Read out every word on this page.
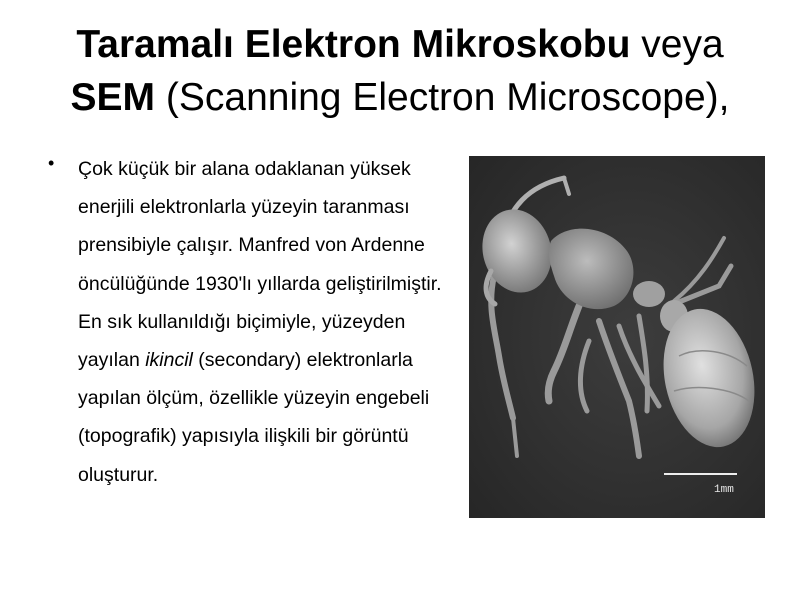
Taramalı Elektron Mikroskobu veya
SEM (Scanning Electron Microscope),
• Çok küçük bir alana odaklanan yüksek enerjili elektronlarla yüzeyin taranması prensibiyle çalışır. Manfred von Ardenne öncülüğünde 1930'lı yıllarda geliştirilmiştir. En sık kullanıldığı biçimiyle, yüzeyden yayılan ikincil (secondary) elektronlarla yapılan ölçüm, özellikle yüzeyin engebeli (topografik) yapısıyla ilişkili bir görüntü oluşturur.
1mm
